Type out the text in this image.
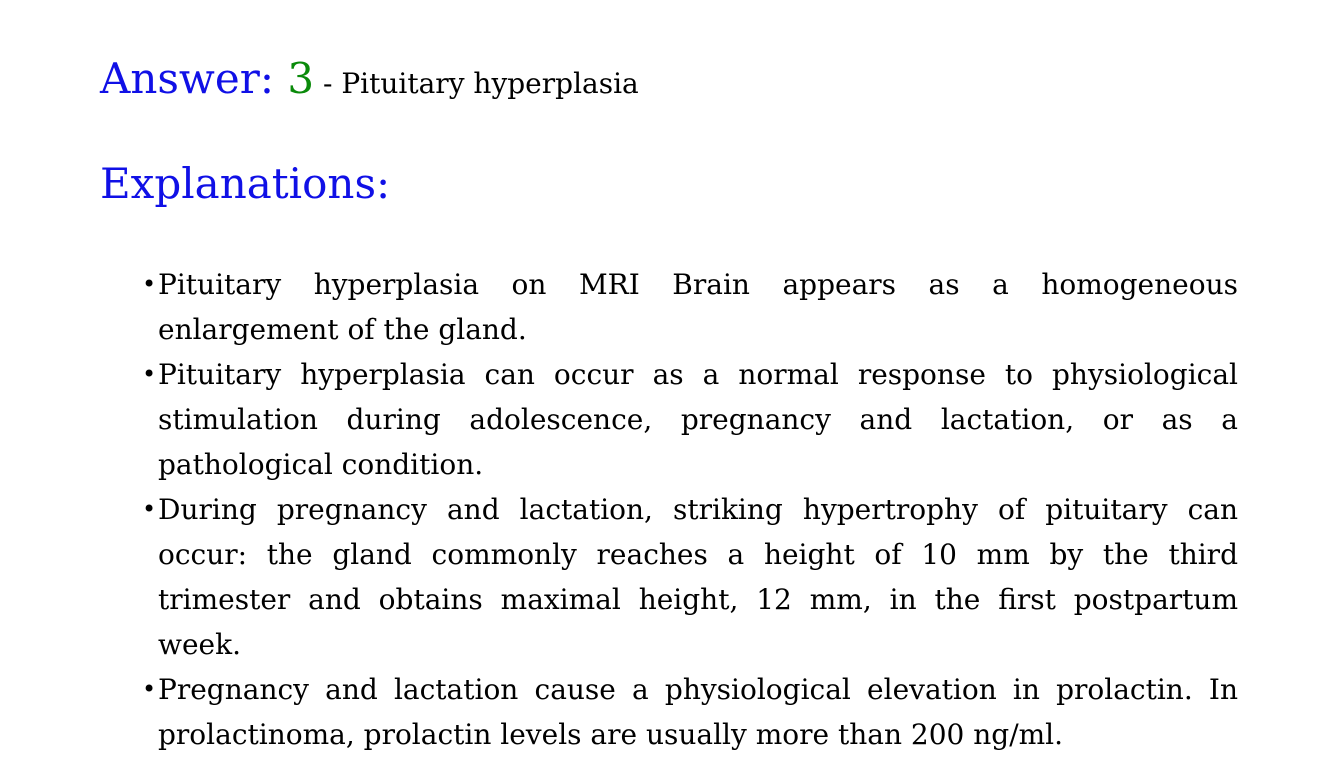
Answer: 3 - Pituitary hyperplasia
Explanations:
• Pituitary hyperplasia on MRI Brain appears as a homogeneous enlargement of the gland.
• Pituitary hyperplasia can occur as a normal response to physiological stimulation during adolescence, pregnancy and lactation, or as a pathological condition.
• During pregnancy and lactation, striking hypertrophy of pituitary can occur: the gland commonly reaches a height of 10 mm by the third trimester and obtains maximal height, 12 mm, in the first postpartum week.
• Pregnancy and lactation cause a physiological elevation in prolactin. In prolactinoma, prolactin levels are usually more than 200 ng/ml.
